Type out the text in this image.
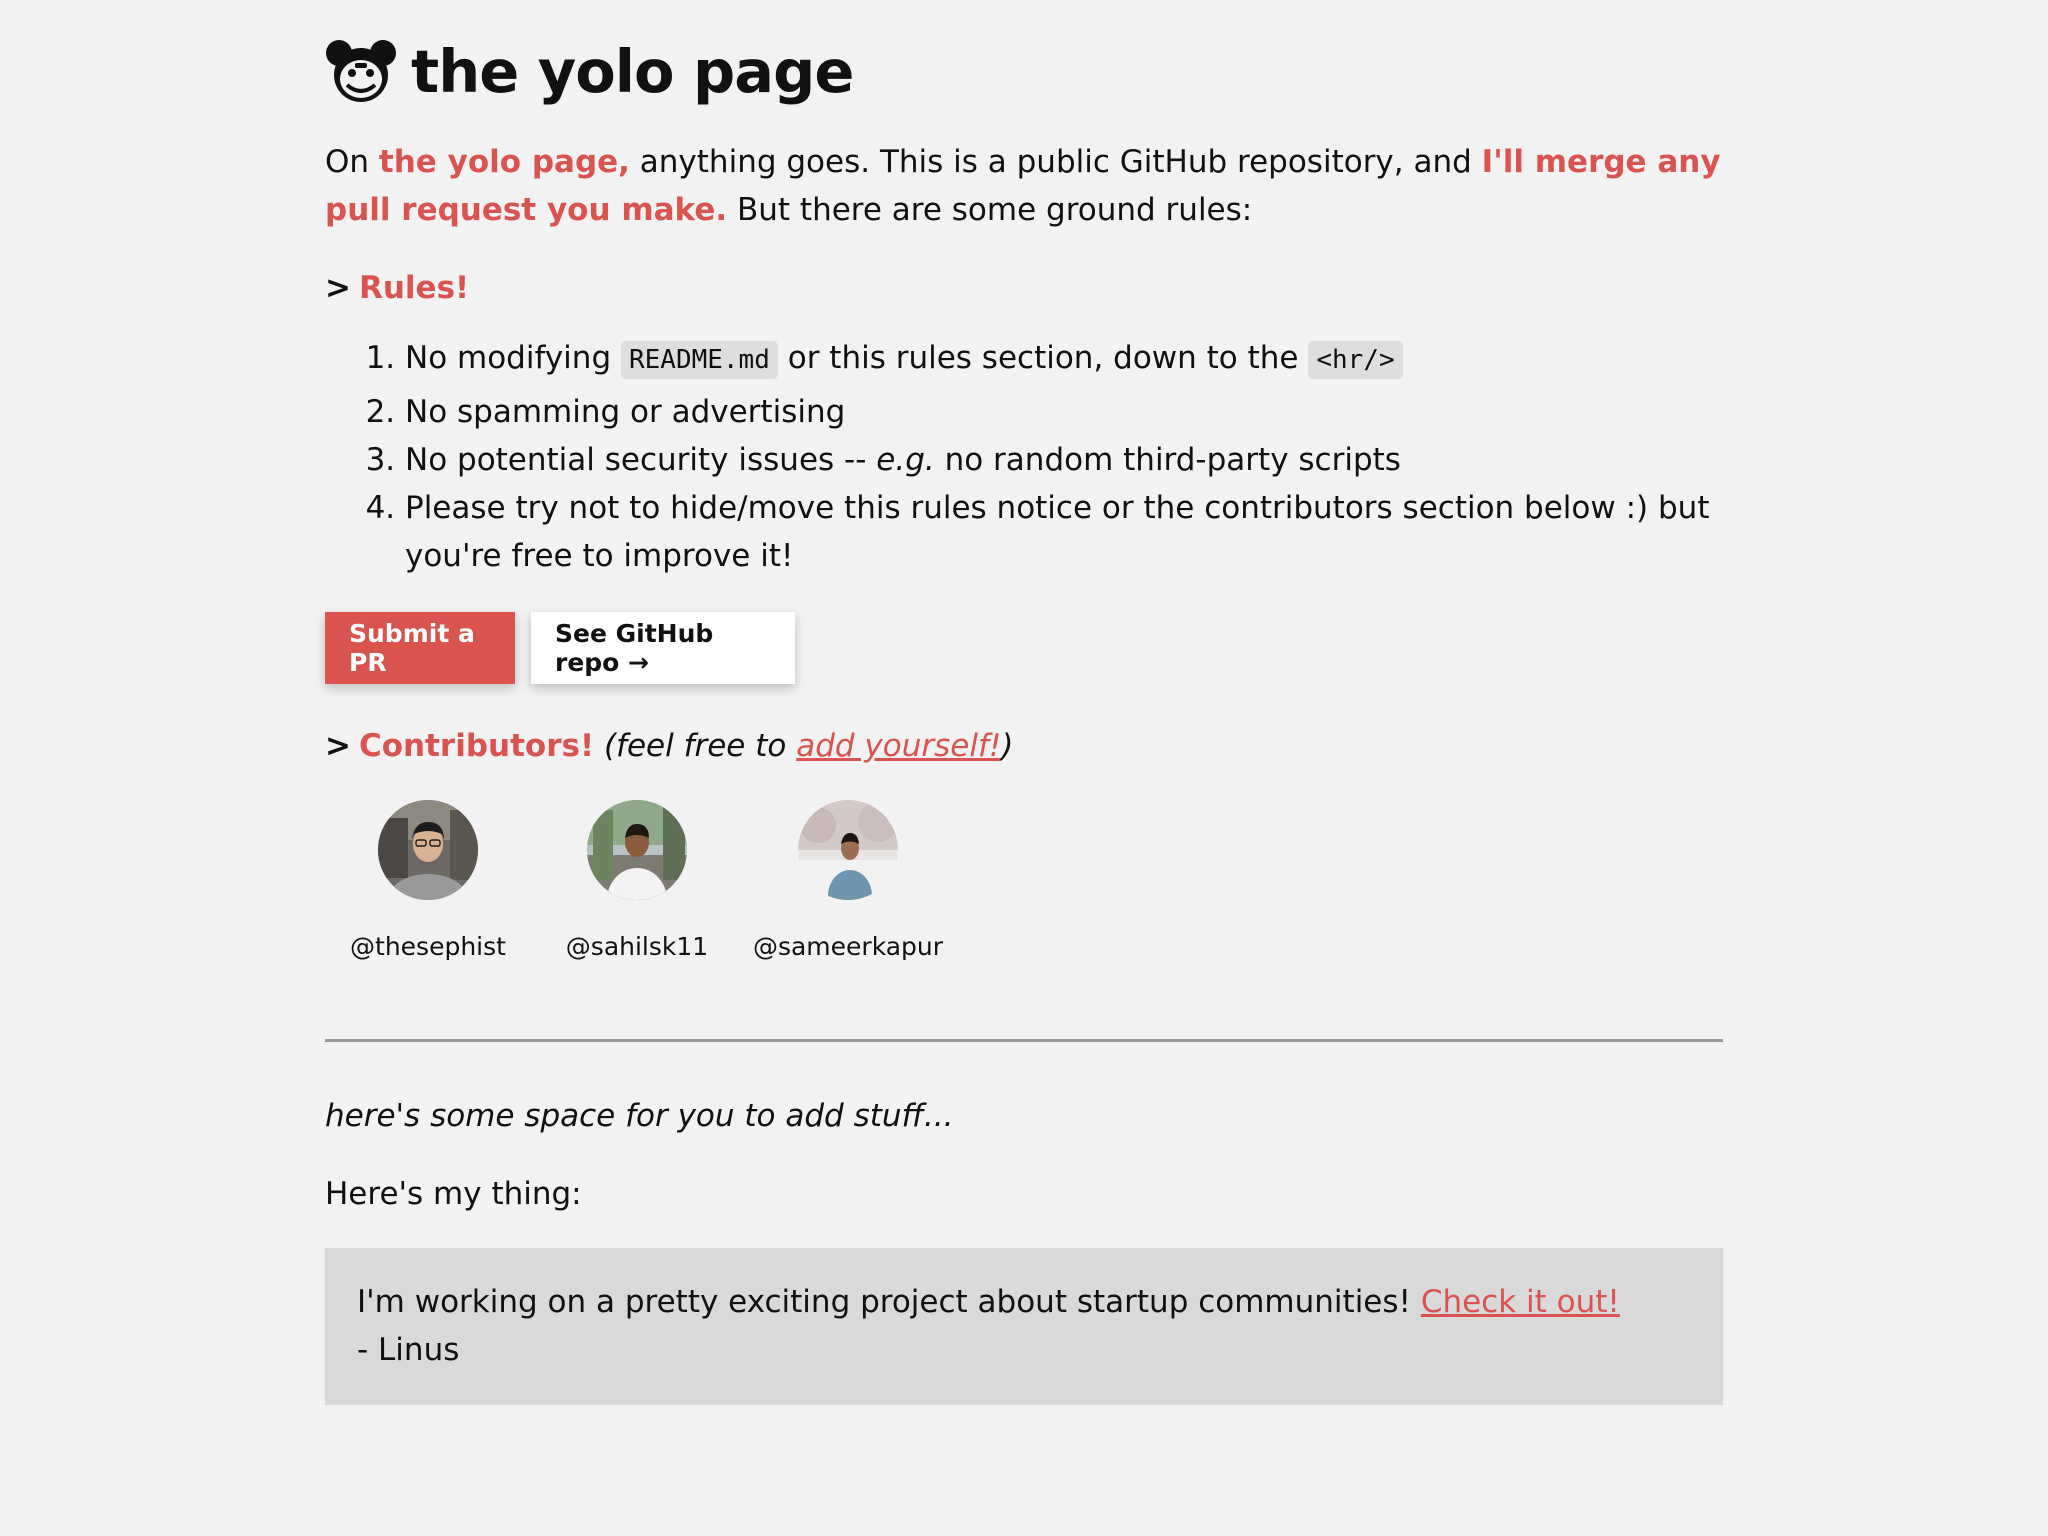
the yolo page

On the yolo page, anything goes. This is a public GitHub repository, and I'll merge any pull request you make. But there are some ground rules:

> Rules!
1. No modifying README.md or this rules section, down to the <hr/>
2. No spamming or advertising
3. No potential security issues -- e.g. no random third-party scripts
4. Please try not to hide/move this rules notice or the contributors section below :) but you're free to improve it!
Submit a PR
See GitHub repo →
> Contributors! (feel free to add yourself!)
@thesephist @sahilsk11 @sameerkapur

here's some space for you to add stuff...

Here's my thing:

I'm working on a pretty exciting project about startup communities! Check it out!
- Linus
